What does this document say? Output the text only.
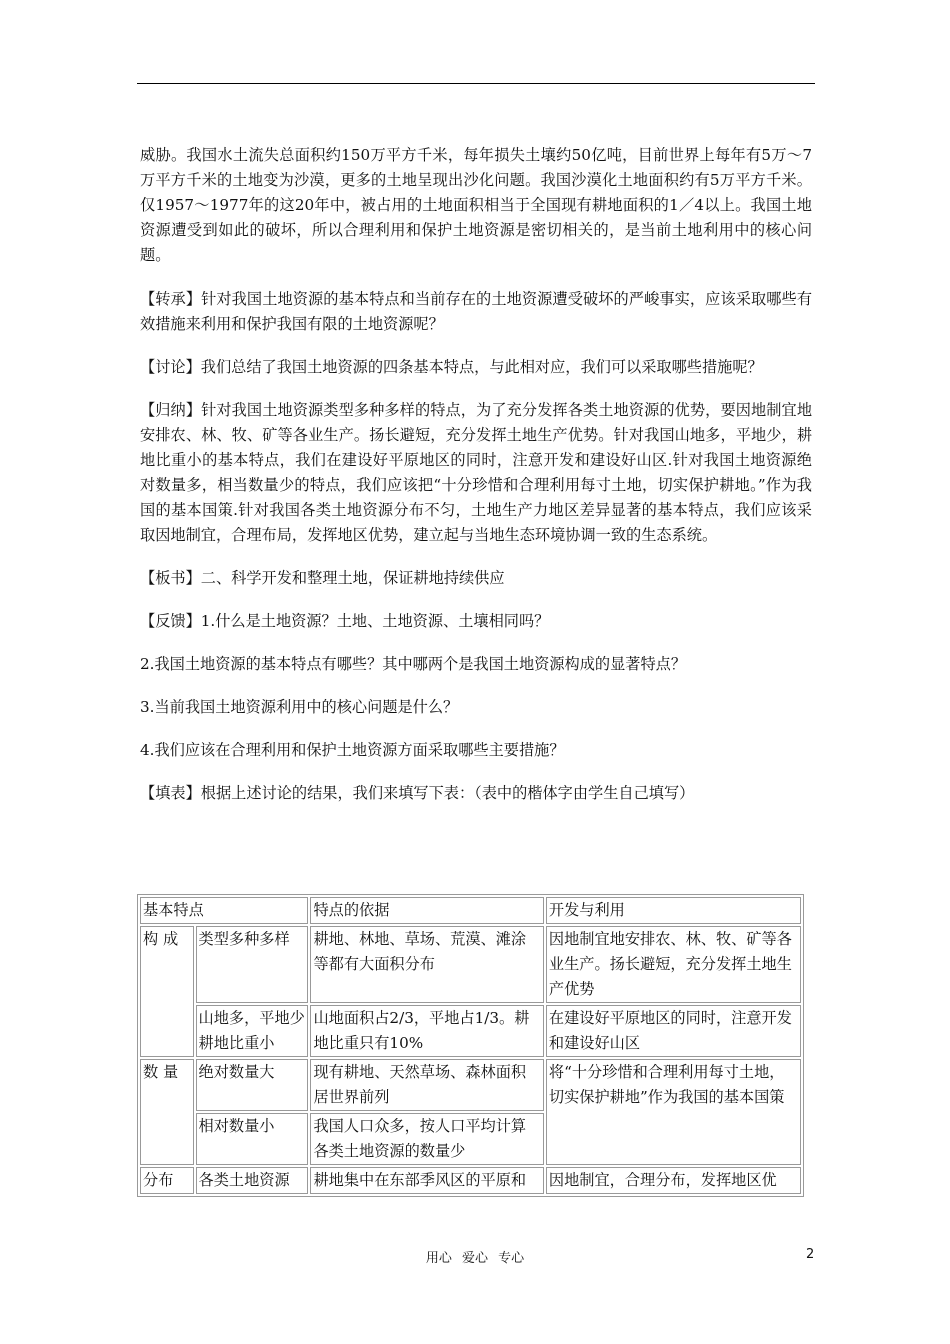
威胁。我国水土流失总面积约150万平方千米，每年损失土壤约50亿吨，目前世界上每年有5万～7万平方千米的土地变为沙漠，更多的土地呈现出沙化问题。我国沙漠化土地面积约有5万平方千米。仅1957～1977年的这20年中，被占用的土地面积相当于全国现有耕地面积的1／4以上。我国土地资源遭受到如此的破坏，所以合理利用和保护土地资源是密切相关的，是当前土地利用中的核心问题。

【转承】针对我国土地资源的基本特点和当前存在的土地资源遭受破坏的严峻事实，应该采取哪些有效措施来利用和保护我国有限的土地资源呢？

【讨论】我们总结了我国土地资源的四条基本特点，与此相对应，我们可以采取哪些措施呢？

【归纳】针对我国土地资源类型多种多样的特点，为了充分发挥各类土地资源的优势，要因地制宜地安排农、林、牧、矿等各业生产。扬长避短，充分发挥土地生产优势。针对我国山地多，平地少，耕地比重小的基本特点，我们在建设好平原地区的同时，注意开发和建设好山区.针对我国土地资源绝对数量多，相当数量少的特点，我们应该把“十分珍惜和合理利用每寸土地，切实保护耕地。”作为我国的基本国策.针对我国各类土地资源分布不匀，土地生产力地区差异显著的基本特点，我们应该采取因地制宜，合理布局，发挥地区优势，建立起与当地生态环境协调一致的生态系统。

【板书】二、科学开发和整理土地，保证耕地持续供应

【反馈】1.什么是土地资源？土地、土地资源、土壤相同吗？

2.我国土地资源的基本特点有哪些？其中哪两个是我国土地资源构成的显著特点？

3.当前我国土地资源利用中的核心问题是什么？

4.我们应该在合理利用和保护土地资源方面采取哪些主要措施？

【填表】根据上述讨论的结果，我们来填写下表：（表中的楷体字由学生自己填写）

基本特点		特点的依据	开发与利用
构 成	类型多种多样	耕地、林地、草场、荒漠、滩涂等都有大面积分布	因地制宜地安排农、林、牧、矿等各业生产。扬长避短，充分发挥土地生产优势
	山地多，平地少耕地比重小	山地面积占2/3，平地占1/3。耕地比重只有10%	在建设好平原地区的同时，注意开发和建设好山区
数 量	绝对数量大	现有耕地、天然草场、森林面积居世界前列	将“十分珍惜和合理利用每寸土地，切实保护耕地”作为我国的基本国策
	相对数量小	我国人口众多，按人口平均计算各类土地资源的数量少	
分布	各类土地资源	耕地集中在东部季风区的平原和	因地制宜，合理分布，发挥地区优
用心 爱心 专心	2
